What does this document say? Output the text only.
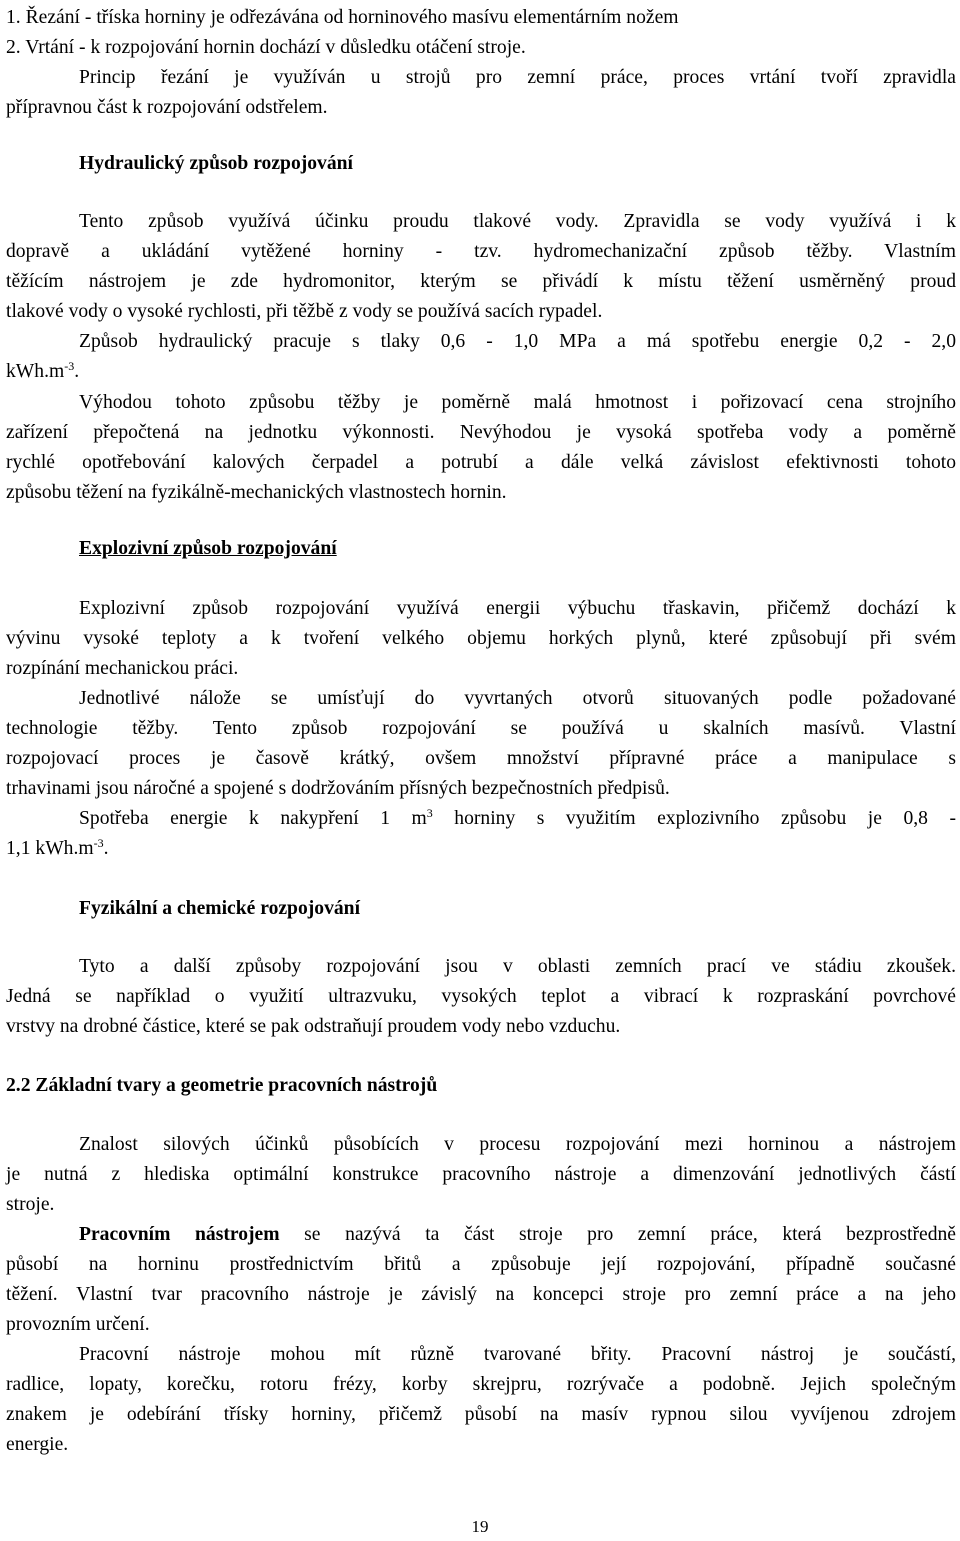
Hydraulický způsob rozpojování
$kWh.m^{-3}$.
Explozivní způsob rozpojování
Spotřeba energie k nakypření 1 $m^3$ horniny s využitím explozivního způsobu je 0,8 -
1,1 $kWh.m^{-3}$.
Fyzikální a chemické rozpojování
2.2 Základní tvary a geometrie pracovních nástrojů
Pracovním nástrojem se nazývá ta část stroje pro zemní práce, která bezprostředně
1. Řezání - tříska horniny je odřezávána od horninového masívu elementárním nožem
2. Vrtání - k rozpojování hornin dochází v důsledku otáčení stroje.
Princip řezání je využíván u strojů pro zemní práce, proces vrtání tvoří zpravidla
přípravnou část k rozpojování odstřelem.
Tento způsob využívá účinku proudu tlakové vody. Zpravidla se vody využívá i k
dopravě a ukládání vytěžené horniny - tzv. hydromechanizační způsob těžby. Vlastním
těžícím nástrojem je zde hydromonitor, kterým se přivádí k místu těžení usměrněný proud
tlakové vody o vysoké rychlosti, při těžbě z vody se používá sacích rypadel.
Způsob hydraulický pracuje s tlaky 0,6 - 1,0 MPa a má spotřebu energie 0,2 - 2,0
Výhodou tohoto způsobu těžby je poměrně malá hmotnost i pořizovací cena strojního
zařízení přepočtená na jednotku výkonnosti. Nevýhodou je vysoká spotřeba vody a poměrně
rychlé opotřebování kalových čerpadel a potrubí a dále velká závislost efektivnosti tohoto
způsobu těžení na fyzikálně-mechanických vlastnostech hornin.
Explozivní způsob rozpojování využívá energii výbuchu třaskavin, přičemž dochází k
vývinu vysoké teploty a k tvoření velkého objemu horkých plynů, které způsobují při svém
rozpínání mechanickou práci.
Jednotlivé nálože se umísťují do vyvrtaných otvorů situovaných podle požadované
technologie těžby. Tento způsob rozpojování se používá u skalních masívů. Vlastní
rozpojovací proces je časově krátký, ovšem množství přípravné práce a manipulace s
trhavinami jsou náročné a spojené s dodržováním přísných bezpečnostních předpisů.
Tyto a další způsoby rozpojování jsou v oblasti zemních prací ve stádiu zkoušek.
Jedná se například o využití ultrazvuku, vysokých teplot a vibrací k rozpraskání povrchové
vrstvy na drobné částice, které se pak odstraňují proudem vody nebo vzduchu.
Znalost silových účinků působících v procesu rozpojování mezi horninou a nástrojem
je nutná z hlediska optimální konstrukce pracovního nástroje a dimenzování jednotlivých částí
stroje.
působí na horninu prostřednictvím břitů a způsobuje její rozpojování, případně současné
těžení. Vlastní tvar pracovního nástroje je závislý na koncepci stroje pro zemní práce a na jeho
provozním určení.
Pracovní nástroje mohou mít různě tvarované břity. Pracovní nástroj je součástí,
radlice, lopaty, korečku, rotoru frézy, korby skrejpru, rozrývače a podobně. Jejich společným
znakem je odebírání třísky horniny, přičemž působí na masív rypnou silou vyvíjenou zdrojem
energie.
19
